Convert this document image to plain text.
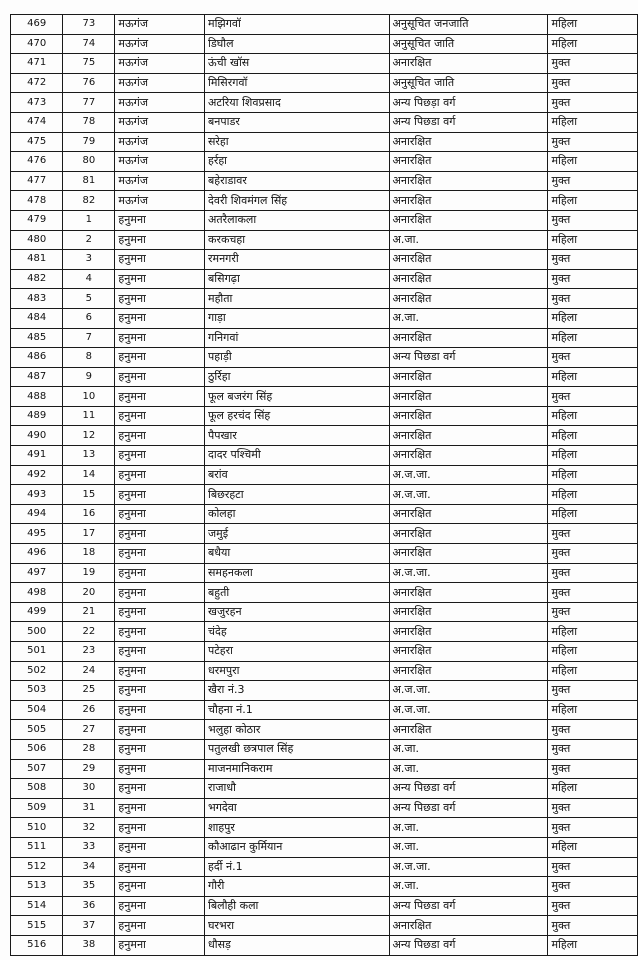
469	73	मऊगंज	मझिगवॉ	अनुसूचित जनजाति	महिला
470	74	मऊगंज	डिघौल	अनुसूचित जाति	महिला
471	75	मऊगंज	ऊंची खॉस	अनारक्षित	मुक्त
472	76	मऊगंज	मिसिरगवॉ	अनुसूचित जाति	मुक्त
473	77	मऊगंज	अटरिया शिवप्रसाद	अन्य पिछड़ा वर्ग	मुक्त
474	78	मऊगंज	बनपाडर	अन्य पिछडा वर्ग	महिला
475	79	मऊगंज	सरेहा	अनारक्षित	मुक्त
476	80	मऊगंज	हर्रहा	अनारक्षित	महिला
477	81	मऊगंज	बहेराडावर	अनारक्षित	मुक्त
478	82	मऊगंज	देवरी शिवमंगल सिंह	अनारक्षित	महिला
479	1	हनुमना	अतरैलाकला	अनारक्षित	मुक्त
480	2	हनुमना	करकचहा	अ.जा.	महिला
481	3	हनुमना	रमनगरी	अनारक्षित	मुक्त
482	4	हनुमना	बसिगढ़ा	अनारक्षित	मुक्त
483	5	हनुमना	महौता	अनारक्षित	मुक्त
484	6	हनुमना	गाड़ा	अ.जा.	महिला
485	7	हनुमना	गनिगवां	अनारक्षित	महिला
486	8	हनुमना	पहाड़ी	अन्य पिछडा वर्ग	मुक्त
487	9	हनुमना	ठुर्रिहा	अनारक्षित	महिला
488	10	हनुमना	फूल बजरंग सिंह	अनारक्षित	मुक्त
489	11	हनुमना	फूल हरचंद सिंह	अनारक्षित	महिला
490	12	हनुमना	पैपखार	अनारक्षित	महिला
491	13	हनुमना	दादर पश्चिमी	अनारक्षित	महिला
492	14	हनुमना	बरांव	अ.ज.जा.	महिला
493	15	हनुमना	बिछरहटा	अ.ज.जा.	महिला
494	16	हनुमना	कोलहा	अनारक्षित	महिला
495	17	हनुमना	जमुई	अनारक्षित	मुक्त
496	18	हनुमना	बधैया	अनारक्षित	मुक्त
497	19	हनुमना	समहनकला	अ.ज.जा.	मुक्त
498	20	हनुमना	बहुती	अनारक्षित	मुक्त
499	21	हनुमना	खजुरहन	अनारक्षित	मुक्त
500	22	हनुमना	चंदेह	अनारक्षित	महिला
501	23	हनुमना	पटेहरा	अनारक्षित	महिला
502	24	हनुमना	धरमपुरा	अनारक्षित	महिला
503	25	हनुमना	खैरा नं.3	अ.ज.जा.	मुक्त
504	26	हनुमना	चौहना नं.1	अ.ज.जा.	महिला
505	27	हनुमना	भलुहा कोठार	अनारक्षित	मुक्त
506	28	हनुमना	पतुलखी छत्रपाल सिंह	अ.जा.	मुक्त
507	29	हनुमना	माजनमानिकराम	अ.जा.	मुक्त
508	30	हनुमना	राजाधौ	अन्य पिछडा वर्ग	महिला
509	31	हनुमना	भगदेवा	अन्य पिछडा वर्ग	मुक्त
510	32	हनुमना	शाहपुर	अ.जा.	मुक्त
511	33	हनुमना	कौआढान कुर्मियान	अ.जा.	महिला
512	34	हनुमना	हर्दी नं.1	अ.ज.जा.	मुक्त
513	35	हनुमना	गौरी	अ.जा.	मुक्त
514	36	हनुमना	बिलौही कला	अन्य पिछडा वर्ग	मुक्त
515	37	हनुमना	घरभरा	अनारक्षित	मुक्त
516	38	हनुमना	धौसड़	अन्य पिछडा वर्ग	महिला
